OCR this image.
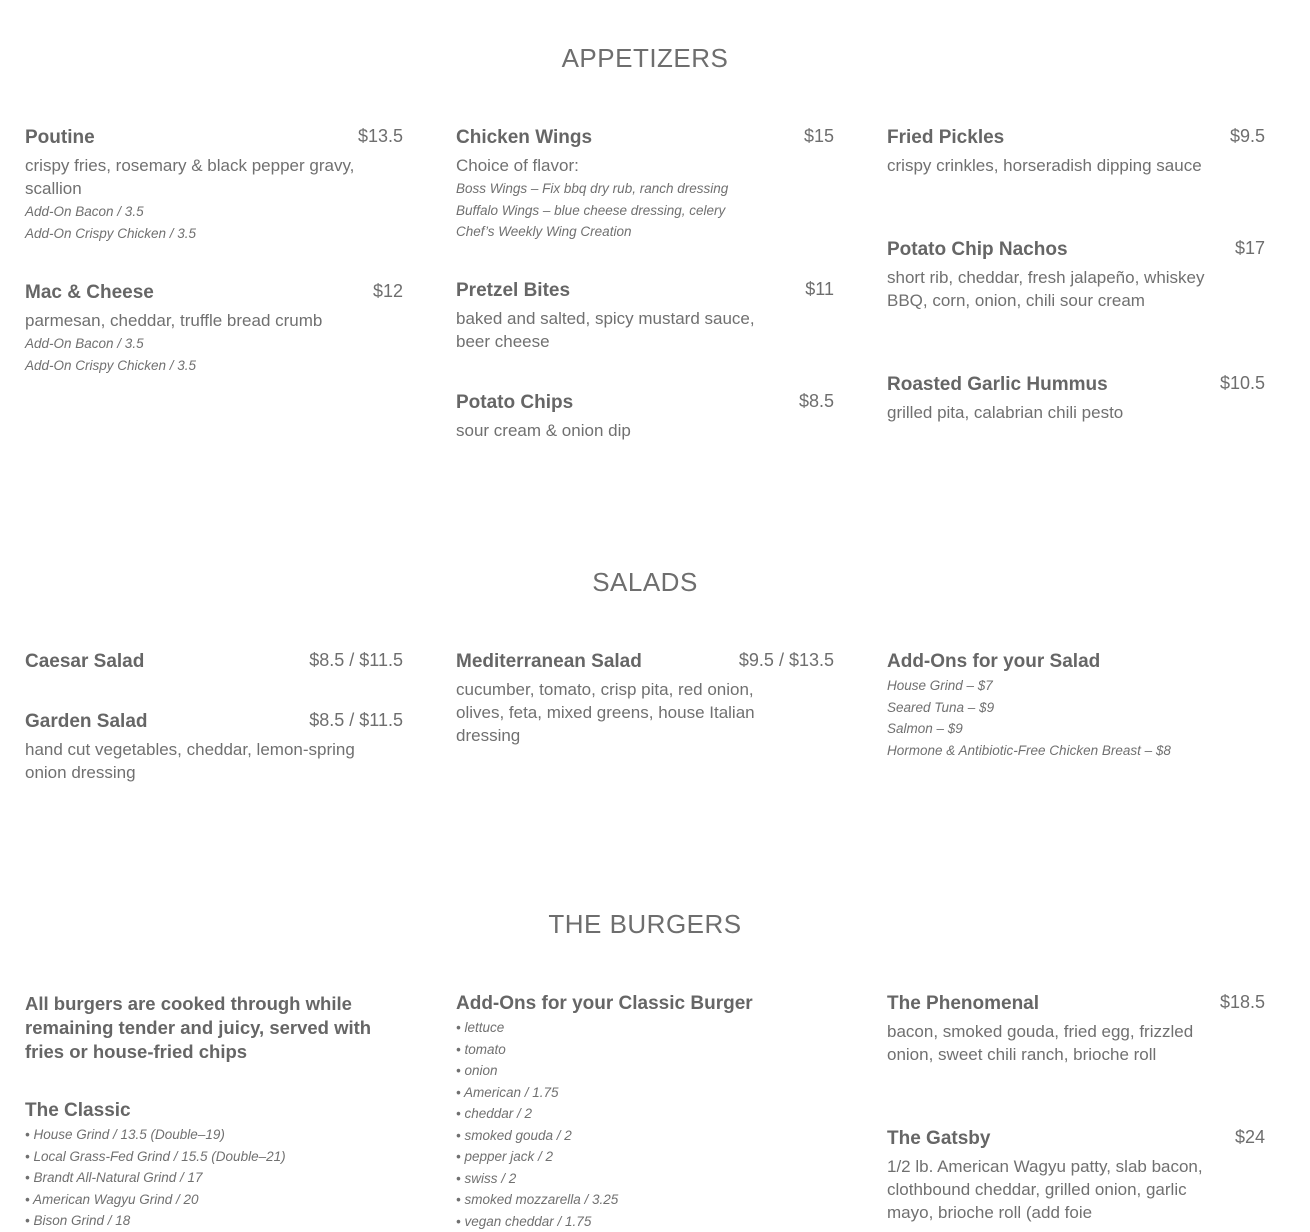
APPETIZERS
Poutine	$13.5
crispy fries, rosemary & black pepper gravy, scallion
Add-On Bacon / 3.5
Add-On Crispy Chicken / 3.5
Mac & Cheese	$12
parmesan, cheddar, truffle bread crumb
Add-On Bacon / 3.5
Add-On Crispy Chicken / 3.5
Chicken Wings	$15
Choice of flavor:
Boss Wings – Fix bbq dry rub, ranch dressing
Buffalo Wings – blue cheese dressing, celery
Chef’s Weekly Wing Creation
Pretzel Bites	$11
baked and salted, spicy mustard sauce, beer cheese
Potato Chips	$8.5
sour cream & onion dip
Fried Pickles	$9.5
crispy crinkles, horseradish dipping sauce
Potato Chip Nachos	$17
short rib, cheddar, fresh jalapeño, whiskey BBQ, corn, onion, chili sour cream
Roasted Garlic Hummus	$10.5
grilled pita, calabrian chili pesto
SALADS
Caesar Salad	$8.5 / $11.5
Garden Salad	$8.5 / $11.5
hand cut vegetables, cheddar, lemon-spring onion dressing
Mediterranean Salad	$9.5 / $13.5
cucumber, tomato, crisp pita, red onion, olives, feta, mixed greens, house Italian dressing
Add-Ons for your Salad
House Grind – $7
Seared Tuna – $9
Salmon – $9
Hormone & Antibiotic-Free Chicken Breast – $8
THE BURGERS
All burgers are cooked through while remaining tender and juicy, served with fries or house-fried chips
The Classic
• House Grind / 13.5 (Double–19)
• Local Grass-Fed Grind / 15.5 (Double–21)
• Brandt All-Natural Grind / 17
• American Wagyu Grind / 20
• Bison Grind / 18
Add-Ons for your Classic Burger
• lettuce
• tomato
• onion
• American / 1.75
• cheddar / 2
• smoked gouda / 2
• pepper jack / 2
• swiss / 2
• smoked mozzarella / 3.25
• vegan cheddar / 1.75
The Phenomenal	$18.5
bacon, smoked gouda, fried egg, frizzled onion, sweet chili ranch, brioche roll
The Gatsby	$24
1/2 lb. American Wagyu patty, slab bacon, clothbound cheddar, grilled onion, garlic mayo, brioche roll (add foie
